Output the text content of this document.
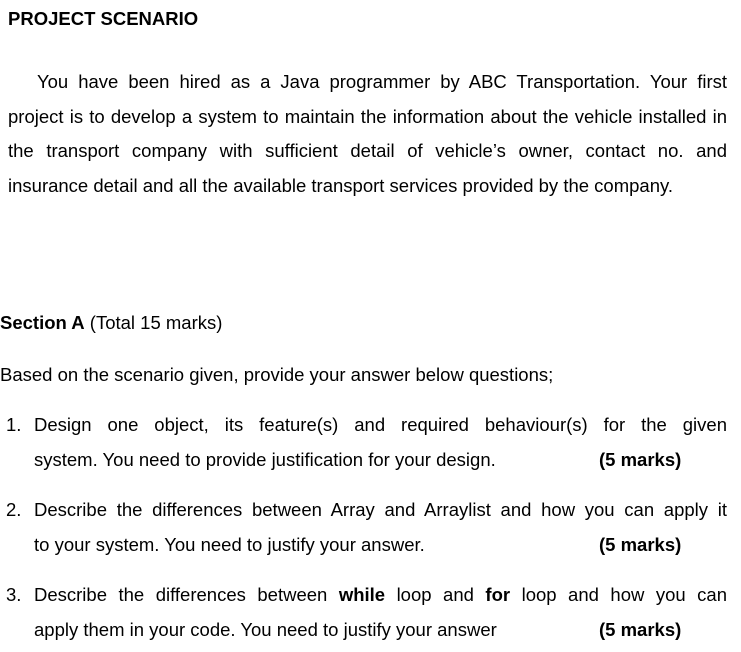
PROJECT SCENARIO

You have been hired as a Java programmer by ABC Transportation. Your first project is to develop a system to maintain the information about the vehicle installed in the transport company with sufficient detail of vehicle’s owner, contact no. and insurance detail and all the available transport services provided by the company.

Section A (Total 15 marks)

Based on the scenario given, provide your answer below questions;

1. Design one object, its feature(s) and required behaviour(s) for the given
system. You need to provide justification for your design.	(5 marks)
2. Describe the differences between Array and Arraylist and how you can apply it
to your system. You need to justify your answer.	(5 marks)
3. Describe the differences between while loop and for loop and how you can
apply them in your code. You need to justify your answer	(5 marks)
